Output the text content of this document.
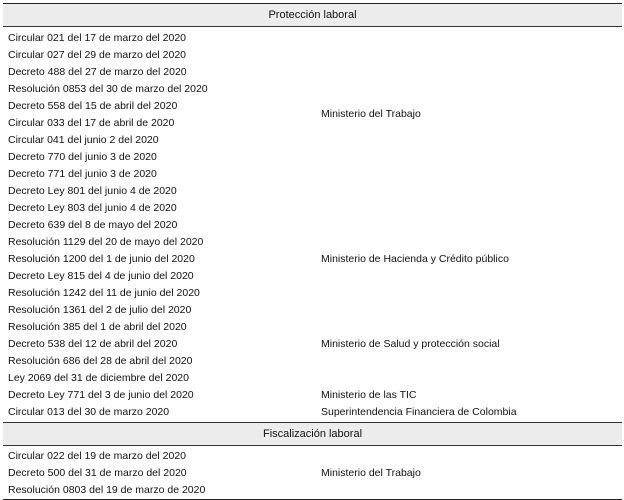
Protección laboral
Ministerio del Trabajo
Circular 021 del 17 de marzo del 2020
Circular 027 del 29 de marzo del 2020
Decreto 488 del 27 de marzo del 2020
Resolución 0853 del 30 de marzo del 2020
Decreto 558 del 15 de abril del 2020
Circular 033 del 17 de abril de 2020
Circular 041 del junio 2 del 2020
Decreto 770 del junio 3 de 2020
Decreto 771 del junio 3 de 2020
Decreto Ley 801 del junio 4 de 2020
Decreto Ley 803 del junio 4 de 2020
Ministerio de Hacienda y Crédito público
Decreto 639 del 8 de mayo del 2020
Resolución 1129 del 20 de mayo del 2020
Resolución 1200 del 1 de junio del 2020
Decreto Ley 815 del 4 de junio del 2020
Resolución 1242 del 11 de junio del 2020
Resolución 1361 del 2 de julio del 2020
Ministerio de Salud y protección social
Resolución 385 del 1 de abril del 2020
Decreto 538 del 12 de abril del 2020
Resolución 686 del 28 de abril del 2020
Ley 2069 del 31 de diciembre del 2020
Ministerio de las TIC
Decreto Ley 771 del 3 de junio del 2020
Superintendencia Financiera de Colombia
Circular 013 del 30 de marzo 2020
Fiscalización laboral
Ministerio del Trabajo
Circular 022 del 19 de marzo del 2020
Decreto 500 del 31 de marzo del 2020
Resolución 0803 del 19 de marzo de 2020
